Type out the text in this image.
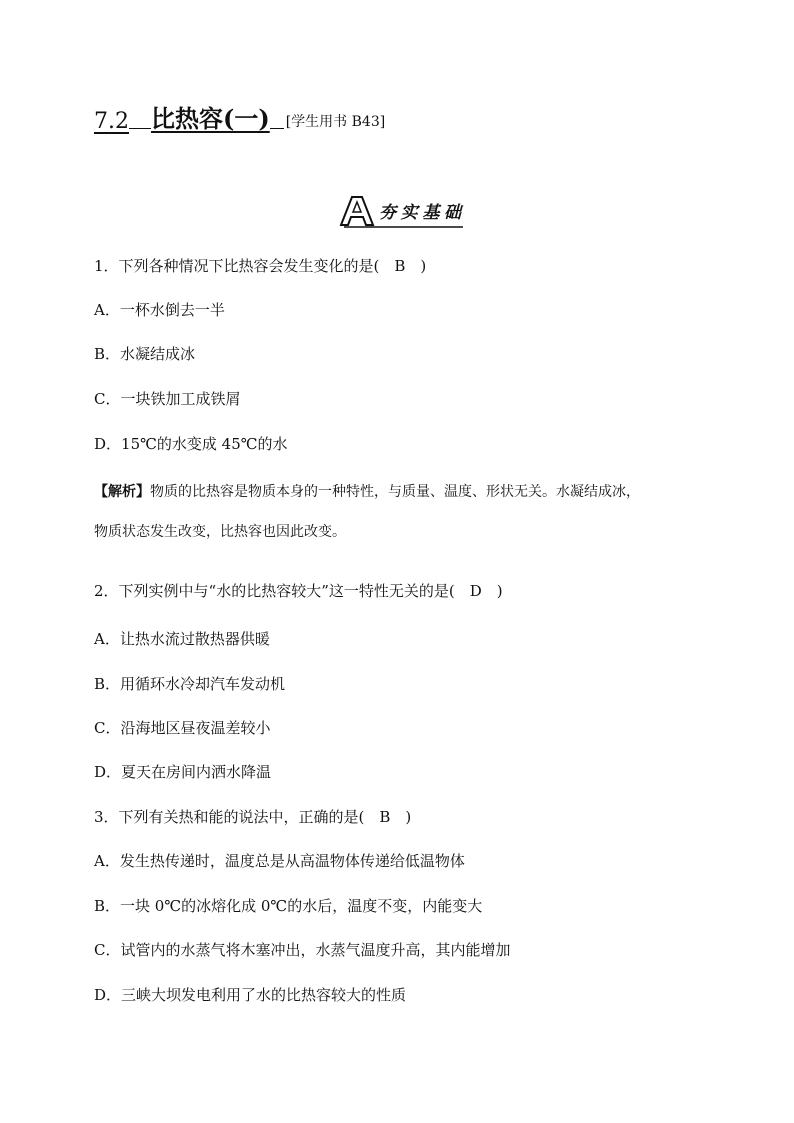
7.2 比热容(一) [学生用书 B43]
夯实基础
1．下列各种情况下比热容会发生变化的是(　B　)
A．一杯水倒去一半
B．水凝结成冰
C．一块铁加工成铁屑
D．15℃的水变成 45℃的水
【解析】物质的比热容是物质本身的一种特性，与质量、温度、形状无关。水凝结成冰，
物质状态发生改变，比热容也因此改变。
2．下列实例中与“水的比热容较大”这一特性无关的是(　D　)
A．让热水流过散热器供暖
B．用循环水冷却汽车发动机
C．沿海地区昼夜温差较小
D．夏天在房间内洒水降温
3．下列有关热和能的说法中，正确的是(　B　)
A．发生热传递时，温度总是从高温物体传递给低温物体
B．一块 0℃的冰熔化成 0℃的水后，温度不变，内能变大
C．试管内的水蒸气将木塞冲出，水蒸气温度升高，其内能增加
D．三峡大坝发电利用了水的比热容较大的性质
